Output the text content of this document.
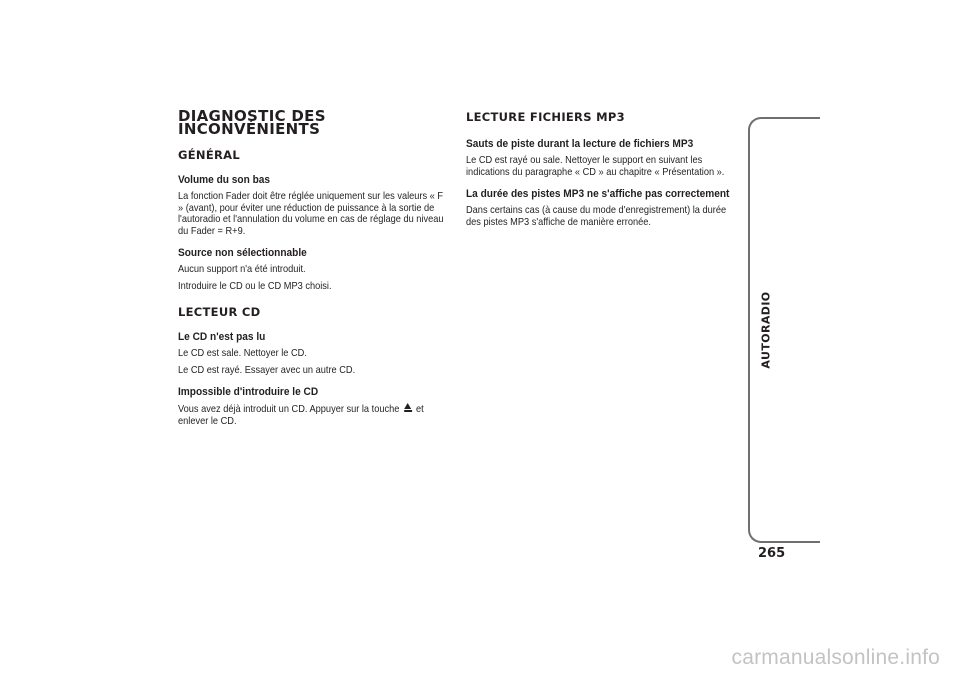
DIAGNOSTIC DES
INCONVÉNIENTS
GÉNÉRAL
Volume du son bas

La fonction Fader doit être réglée uniquement sur les valeurs « F » (avant), pour éviter une réduction de puissance à la sortie de l'autoradio et l'annulation du volume en cas de réglage du niveau du Fader = R+9.

Source non sélectionnable

Aucun support n'a été introduit.

Introduire le CD ou le CD MP3 choisi.

LECTEUR CD
Le CD n'est pas lu

Le CD est sale. Nettoyer le CD.

Le CD est rayé. Essayer avec un autre CD.

Impossible d'introduire le CD

Vous avez déjà introduit un CD. Appuyer sur la touche et enlever le CD.

LECTURE FICHIERS MP3
Sauts de piste durant la lecture de fichiers MP3

Le CD est rayé ou sale. Nettoyer le support en suivant les indications du paragraphe « CD » au chapitre « Présentation ».

La durée des pistes MP3 ne s'affiche pas correctement

Dans certains cas (à cause du mode d'enregistrement) la durée des pistes MP3 s'affiche de manière erronée.

AUTORADIO
265
carmanualsonline.info
